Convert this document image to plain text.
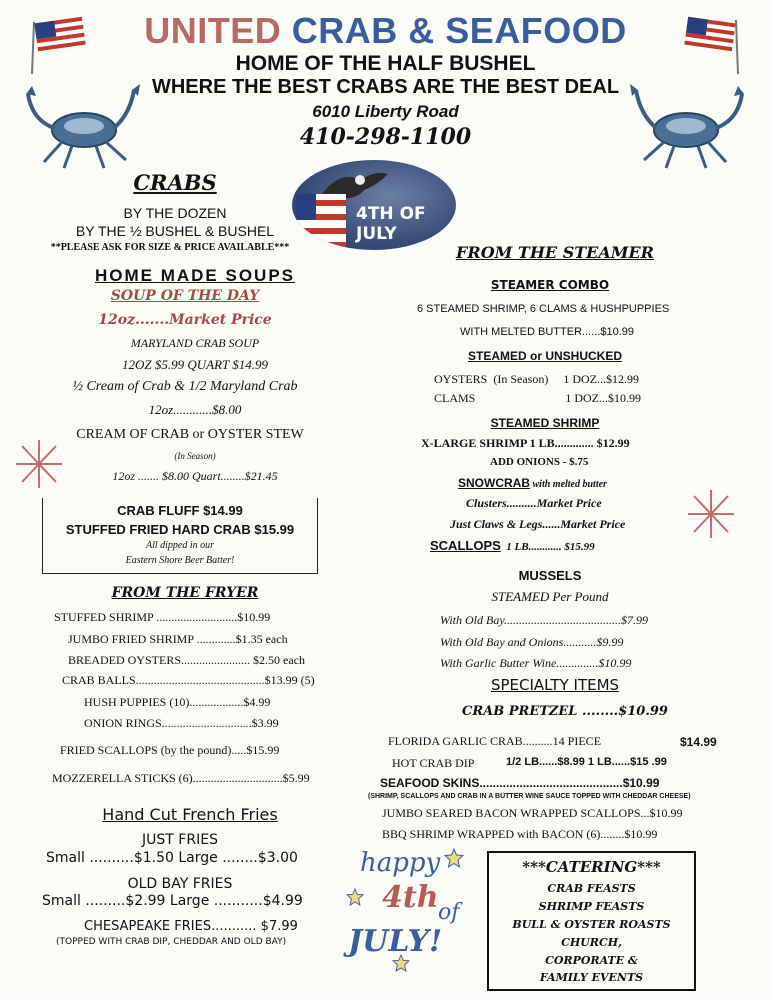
UNITED CRAB & SEAFOOD
HOME OF THE HALF BUSHEL
WHERE THE BEST CRABS ARE THE BEST DEAL
6010 Liberty Road
410-298-1100
4TH OF JULY
CRABS
BY THE DOZEN
BY THE ½ BUSHEL & BUSHEL
**PLEASE ASK FOR SIZE & PRICE AVAILABLE***
HOME MADE SOUPS
SOUP OF THE DAY
12oz.......Market Price
MARYLAND CRAB SOUP
12OZ $5.99 QUART $14.99
½ Cream of Crab & 1/2 Maryland Crab
12oz............$8.00
CREAM OF CRAB or OYSTER STEW
(In Season)
12oz ....... $8.00 Quart........$21.45
CRAB FLUFF $14.99
STUFFED FRIED HARD CRAB $15.99
All dipped in our
Eastern Shore Beer Batter!
FROM THE FRYER
STUFFED SHRIMP ...........................$10.99
JUMBO FRIED SHRIMP .............$1.35 each
BREADED OYSTERS....................... $2.50 each
CRAB BALLS...........................................$13.99 (5)
HUSH PUPPIES (10)..................$4.99
ONION RINGS..............................$3.99
FRIED SCALLOPS (by the pound).....$15.99
MOZZERELLA STICKS (6)..............................$5.99
Hand Cut French Fries
JUST FRIES
Small ..........$1.50 Large ........$3.00
OLD BAY FRIES
Small .........$2.99 Large ...........$4.99
CHESAPEAKE FRIES........... $7.99
(TOPPED WITH CRAB DIP, CHEDDAR AND OLD BAY)
FROM THE STEAMER
STEAMER COMBO
6 STEAMED SHRIMP, 6 CLAMS & HUSHPUPPIES
WITH MELTED BUTTER......$10.99
STEAMED or UNSHUCKED
OYSTERS  (In Season)     1 DOZ...$12.99
CLAMS                              1 DOZ...$10.99
STEAMED SHRIMP
X-LARGE SHRIMP 1 LB............. $12.99
ADD ONIONS - $.75
SNOWCRAB with melted butter
Clusters..........Market Price
Just Claws & Legs......Market Price
SCALLOPS  1 LB............ $15.99
MUSSELS
STEAMED Per Pound
With Old Bay.......................................$7.99
With Old Bay and Onions...........$9.99
With Garlic Butter Wine..............$10.99
SPECIALTY ITEMS
CRAB PRETZEL ........$10.99
FLORIDA GARLIC CRAB..........14 PIECE	$14.99
HOT CRAB DIP	1/2 LB......$8.99 1 LB......$15 .99
SEAFOOD SKINS...........................................$10.99
(SHRIMP, SCALLOPS AND CRAB IN A BUTTER WINE SAUCE TOPPED WITH CHEDDAR CHEESE)
JUMBO SEARED BACON WRAPPED SCALLOPS...$10.99
BBQ SHRIMP WRAPPED with BACON (6)........$10.99
happy
4th of
JULY!
***CATERING***
CRAB FEASTS
SHRIMP FEASTS
BULL & OYSTER ROASTS
CHURCH,
CORPORATE &
FAMILY EVENTS
